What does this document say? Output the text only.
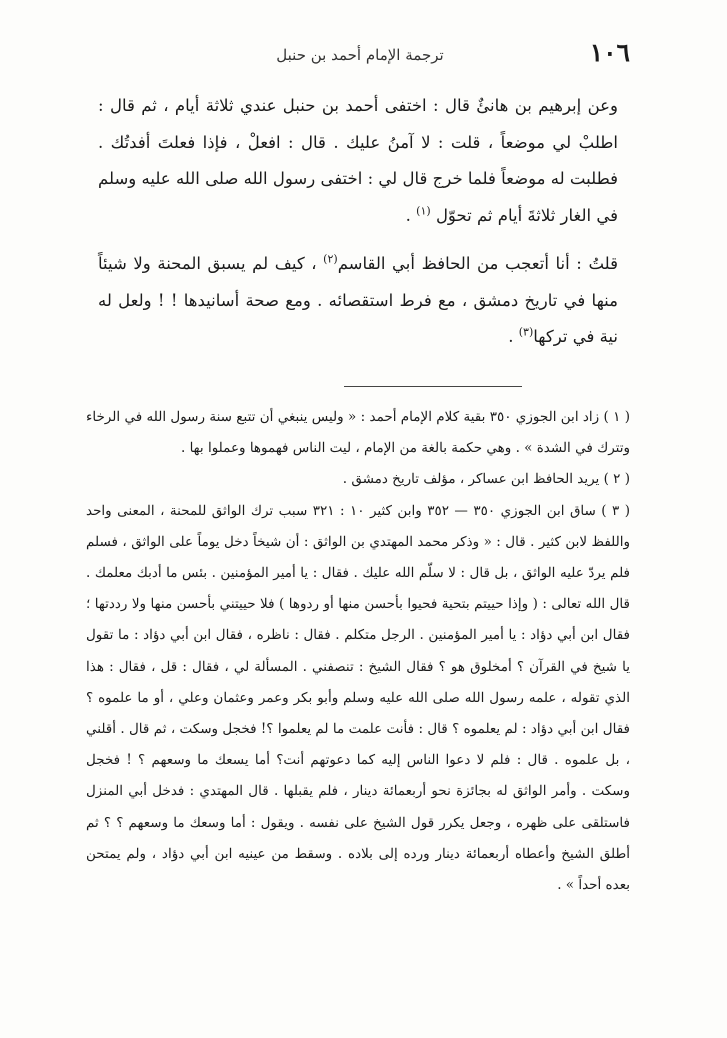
١٠٦
ترجمة الإمام أحمد بن حنبل

وعن إبرهيم بن هانئٌ قال : اختفى أحمد بن حنبل عندي ثلاثة أيام ، ثم قال : اطلبْ لي موضعاً ، قلت : لا آمنُ عليك . قال : افعلْ ، فإذا فعلتَ أفدتُك . فطلبت له موضعاً فلما خرج قال لي : اختفى رسول الله صلى الله عليه وسلم في الغار ثلاثةَ أيام ثم تحوّل $^{(١)}$ .

قلتُ : أنا أتعجب من الحافظ أبي القاسم$^{(٢)}$ ، كيف لم يسبق المحنة ولا شيئاً منها في تاريخ دمشق ، مع فرط استقصائه . ومع صحة أسانيدها ! ! ولعل له نية في تركها$^{(٣)}$ .

( ١ ) زاد ابن الجوزي ٣٥٠ بقية كلام الإمام أحمد : « وليس ينبغي أن تتبع سنة رسول الله في الرخاء وتترك في الشدة » . وهي حكمة بالغة من الإمام ، ليت الناس فهموها وعملوا بها .

( ٢ ) يريد الحافظ ابن عساكر ، مؤلف تاريخ دمشق .

( ٣ ) ساق ابن الجوزي ٣٥٠ — ٣٥٢ وابن كثير ١٠ : ٣٢١ سبب ترك الواثق للمحنة ، المعنى واحد واللفظ لابن كثير . قال : « وذكر محمد المهتدي بن الواثق : أن شيخاً دخل يوماً على الواثق ، فسلم فلم يردّ عليه الواثق ، بل قال : لا سلّم الله عليك . فقال : يا أمير المؤمنين . بئس ما أدبك معلمك . قال الله تعالى : ( وإذا حييتم بتحية فحيوا بأحسن منها أو ردوها ) فلا حييتني بأحسن منها ولا رددتها ؛ فقال ابن أبي دؤاد : يا أمير المؤمنين . الرجل متكلم . فقال : ناظره ، فقال ابن أبي دؤاد : ما تقول يا شيخ في القرآن ؟ أمخلوق هو ؟ فقال الشيخ : تنصفني . المسألة لي ، فقال : قل ، فقال : هذا الذي تقوله ، علمه رسول الله صلى الله عليه وسلم وأبو بكر وعمر وعثمان وعلي ، أو ما علموه ؟ فقال ابن أبي دؤاد : لم يعلموه ؟ قال : فأنت علمت ما لم يعلموا ؟! فخجل وسكت ، ثم قال . أقلني ، بل علموه . قال : فلم لا دعوا الناس إليه كما دعوتهم أنت؟ أما يسعك ما وسعهم ؟ ! فخجل وسكت . وأمر الواثق له بجائزة نحو أربعمائة دينار ، فلم يقبلها . قال المهتدي : فدخل أبي المنزل فاستلقى على ظهره ، وجعل يكرر قول الشيخ على نفسه . ويقول : أما وسعك ما وسعهم ؟ ؟ ثم أطلق الشيخ وأعطاه أربعمائة دينار ورده إلى بلاده . وسقط من عينيه ابن أبي دؤاد ، ولم يمتحن بعده أحداً » .
